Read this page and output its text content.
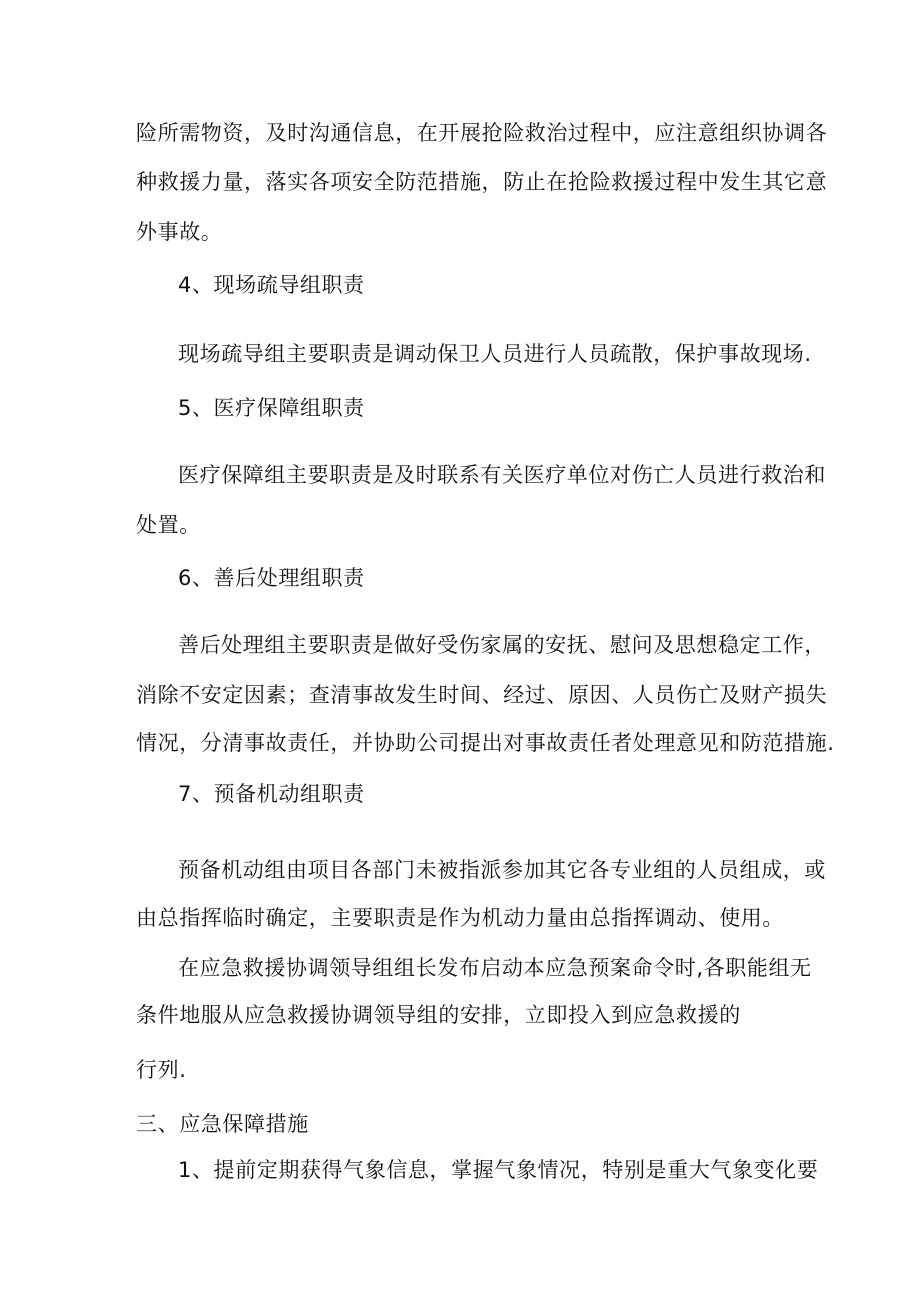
险所需物资，及时沟通信息，在开展抢险救治过程中，应注意组织协调各
种救援力量，落实各项安全防范措施，防止在抢险救援过程中发生其它意
外事故。
4、现场疏导组职责
现场疏导组主要职责是调动保卫人员进行人员疏散，保护事故现场.
5、医疗保障组职责
医疗保障组主要职责是及时联系有关医疗单位对伤亡人员进行救治和
处置。
6、善后处理组职责
善后处理组主要职责是做好受伤家属的安抚、慰问及思想稳定工作，
消除不安定因素；查清事故发生时间、经过、原因、人员伤亡及财产损失
情况，分清事故责任，并协助公司提出对事故责任者处理意见和防范措施.
7、预备机动组职责
预备机动组由项目各部门未被指派参加其它各专业组的人员组成，或
由总指挥临时确定，主要职责是作为机动力量由总指挥调动、使用。
在应急救援协调领导组组长发布启动本应急预案命令时,各职能组无
条件地服从应急救援协调领导组的安排，立即投入到应急救援的
行列.
三、应急保障措施
1、提前定期获得气象信息，掌握气象情况，特别是重大气象变化要
